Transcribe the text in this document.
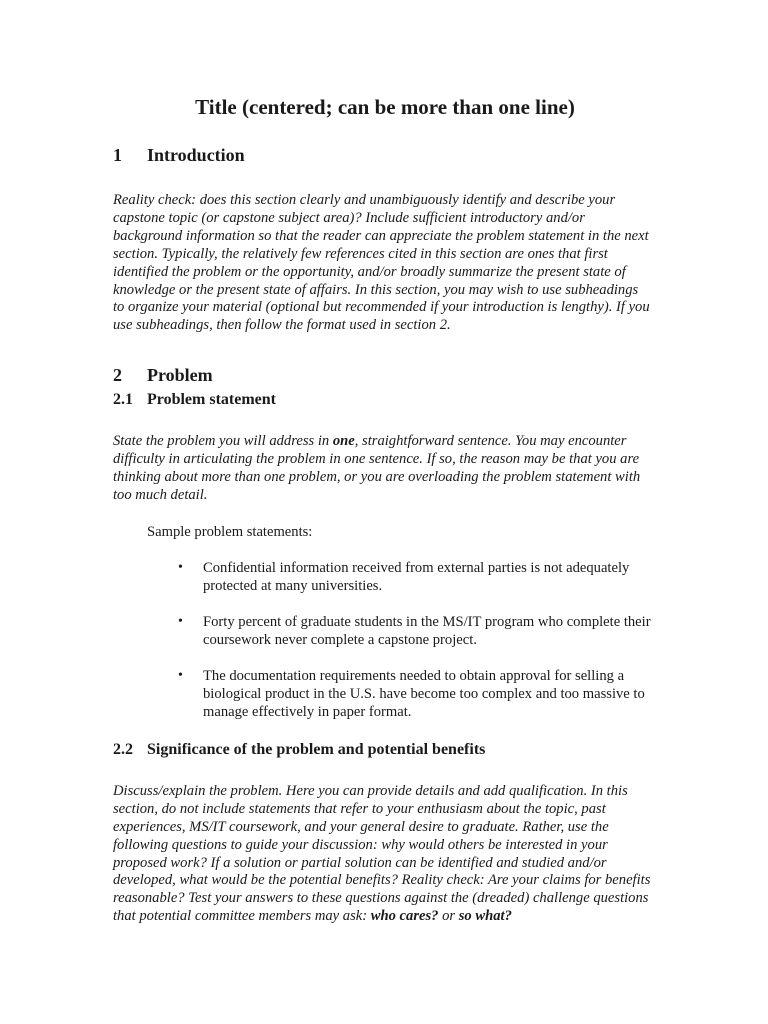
Title (centered; can be more than one line)
1	Introduction

Reality check: does this section clearly and unambiguously identify and describe your capstone topic (or capstone subject area)? Include sufficient introductory and/or background information so that the reader can appreciate the problem statement in the next section. Typically, the relatively few references cited in this section are ones that first identified the problem or the opportunity, and/or broadly summarize the present state of knowledge or the present state of affairs. In this section, you may wish to use subheadings to organize your material (optional but recommended if your introduction is lengthy). If you use subheadings, then follow the format used in section 2.

2	Problem
2.1 Problem statement

State the problem you will address in one, straightforward sentence. You may encounter difficulty in articulating the problem in one sentence. If so, the reason may be that you are thinking about more than one problem, or you are overloading the problem statement with too much detail.

Sample problem statements:

• Confidential information received from external parties is not adequately protected at many universities.
• Forty percent of graduate students in the MS/IT program who complete their coursework never complete a capstone project.
• The documentation requirements needed to obtain approval for selling a biological product in the U.S. have become too complex and too massive to manage effectively in paper format.
2.2 Significance of the problem and potential benefits

Discuss/explain the problem. Here you can provide details and add qualification. In this section, do not include statements that refer to your enthusiasm about the topic, past experiences, MS/IT coursework, and your general desire to graduate. Rather, use the following questions to guide your discussion: why would others be interested in your proposed work? If a solution or partial solution can be identified and studied and/or developed, what would be the potential benefits? Reality check: Are your claims for benefits reasonable? Test your answers to these questions against the (dreaded) challenge questions that potential committee members may ask: who cares? or so what?
